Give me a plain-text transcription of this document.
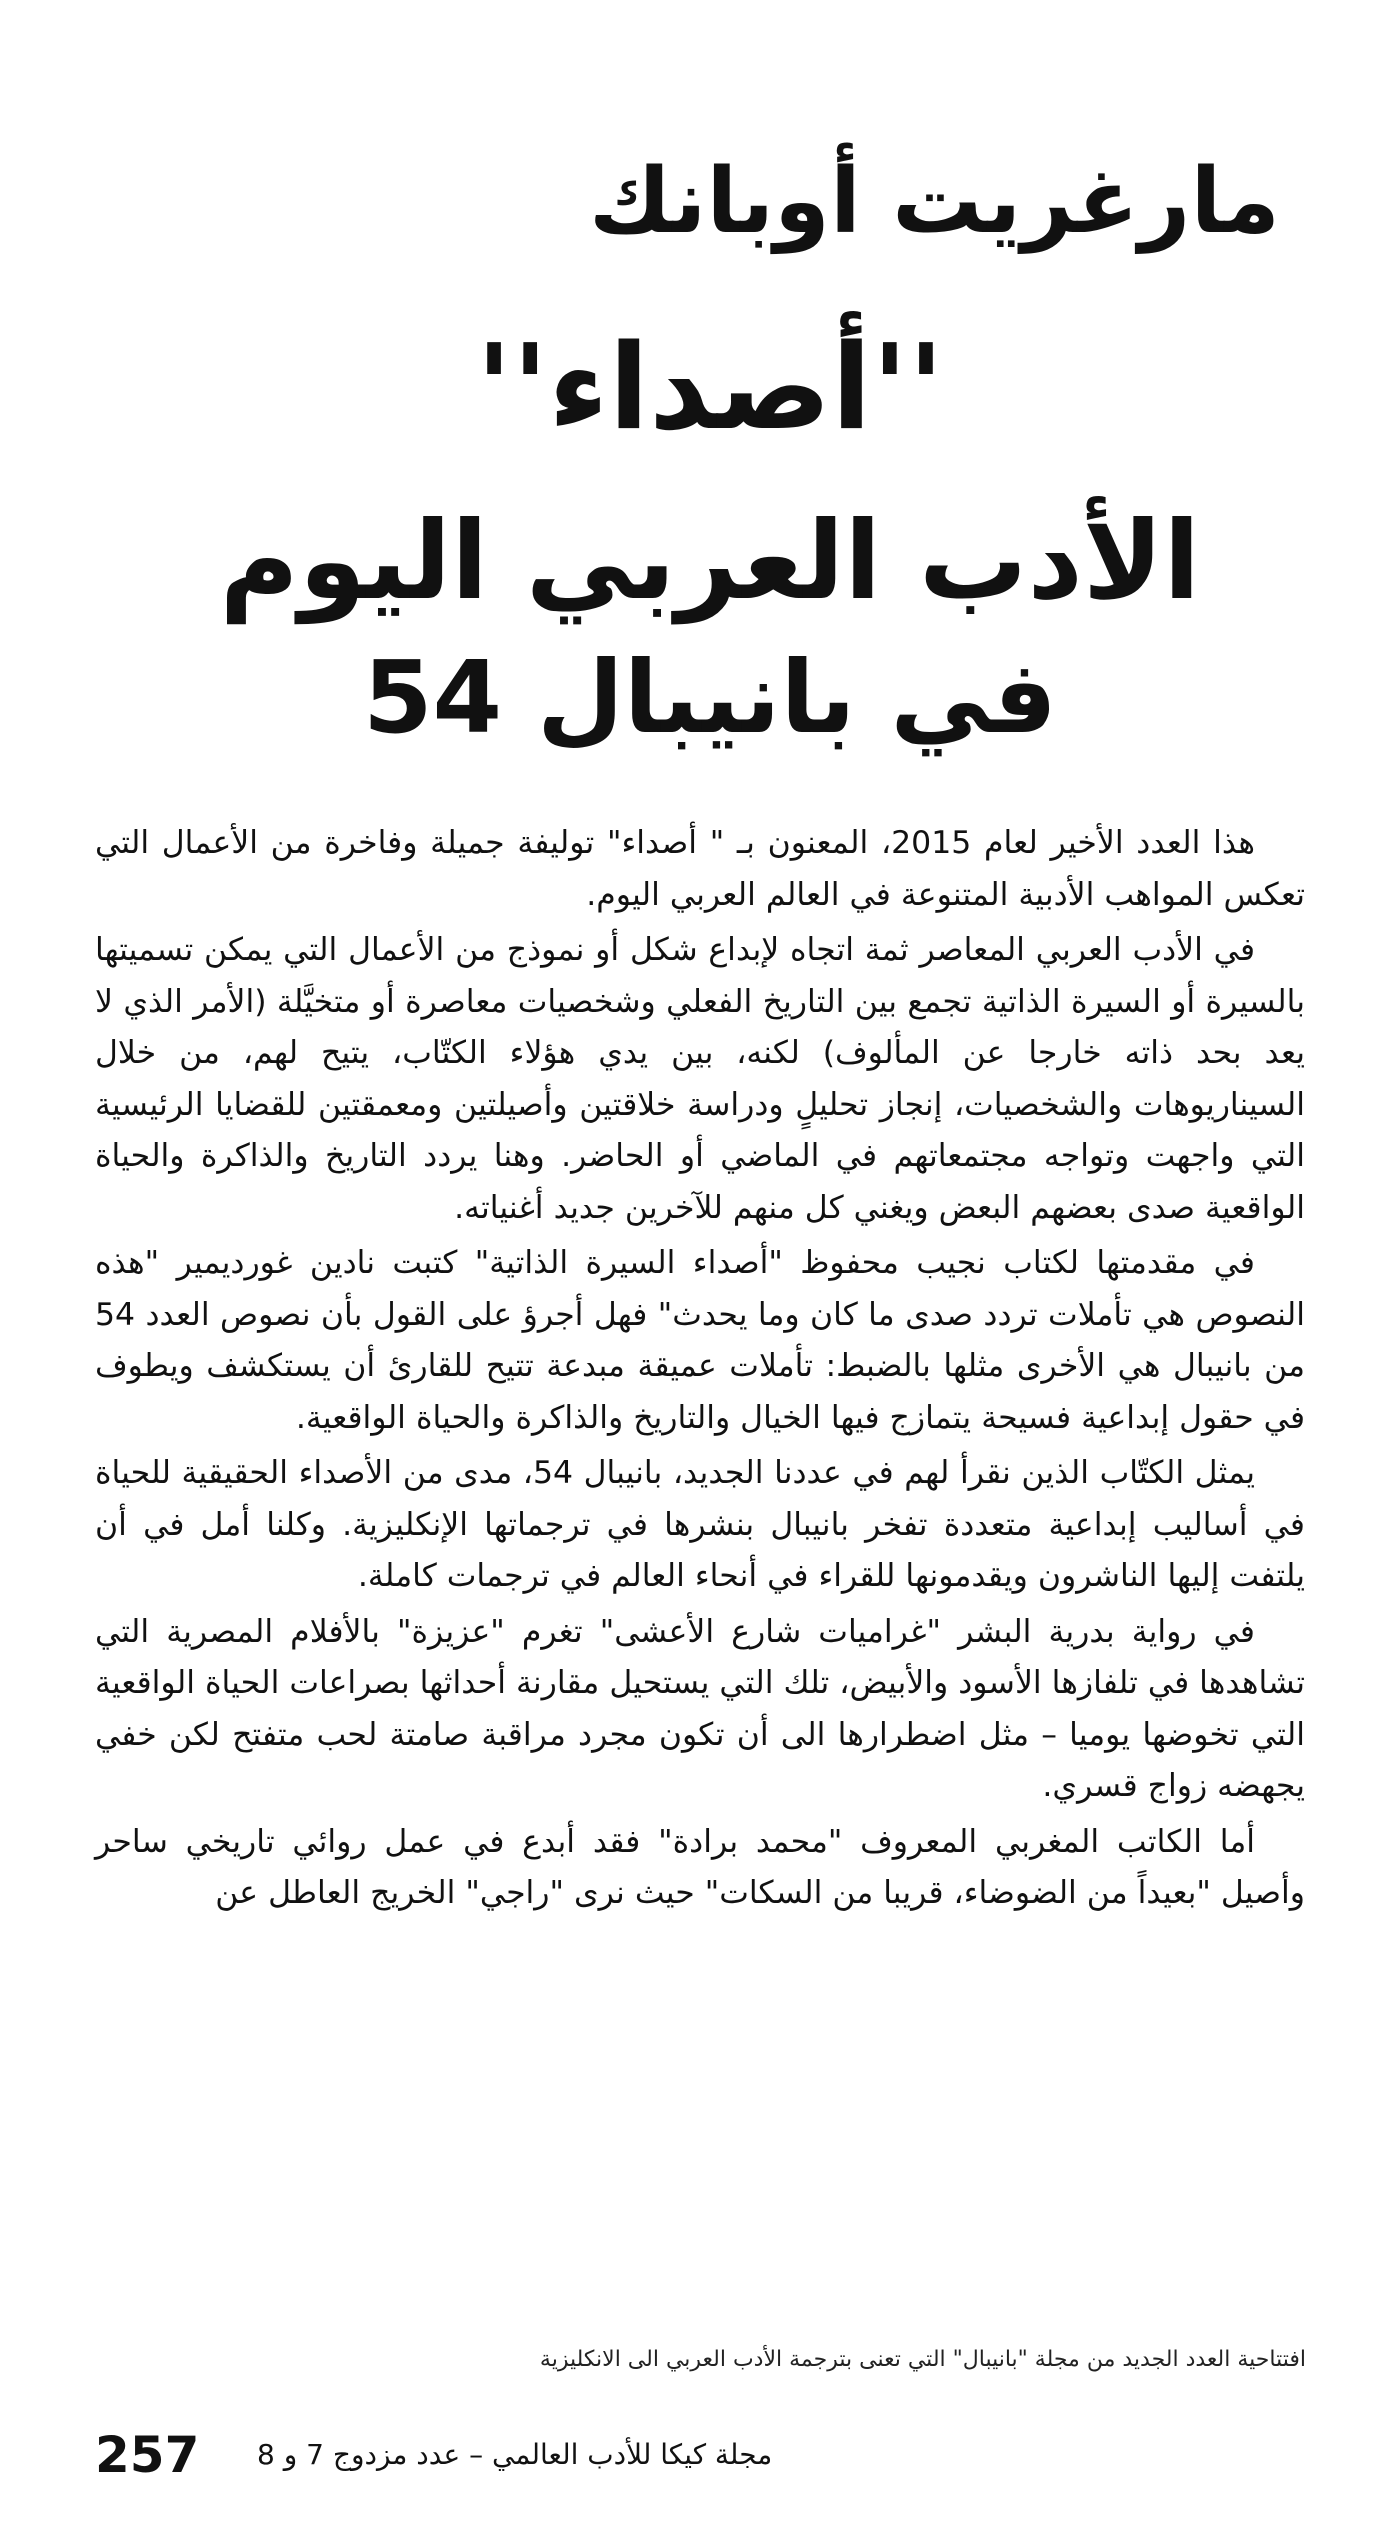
مارغريت أوبانك
''أصداء''
الأدب العربي اليوم
في بانيبال 54

هذا العدد الأخير لعام 2015، المعنون بـ " أصداء" توليفة جميلة وفاخرة من الأعمال التي تعكس المواهب الأدبية المتنوعة في العالم العربي اليوم.

في الأدب العربي المعاصر ثمة اتجاه لإبداع شكل أو نموذج من الأعمال التي يمكن تسميتها بالسيرة أو السيرة الذاتية تجمع بين التاريخ الفعلي وشخصيات معاصرة أو متخيَّلة (الأمر الذي لا يعد بحد ذاته خارجا عن المألوف) لكنه، بين يدي هؤلاء الكتّاب، يتيح لهم، من خلال السيناريوهات والشخصيات، إنجاز تحليلٍ ودراسة خلاقتين وأصيلتين ومعمقتين للقضايا الرئيسية التي واجهت وتواجه مجتمعاتهم في الماضي أو الحاضر. وهنا يردد التاريخ والذاكرة والحياة الواقعية صدى بعضهم البعض ويغني كل منهم للآخرين جديد أغنياته.

في مقدمتها لكتاب نجيب محفوظ "أصداء السيرة الذاتية" كتبت نادين غورديمير "هذه النصوص هي تأملات تردد صدى ما كان وما يحدث" فهل أجرؤ على القول بأن نصوص العدد 54 من بانيبال هي الأخرى مثلها بالضبط: تأملات عميقة مبدعة تتيح للقارئ أن يستكشف ويطوف في حقول إبداعية فسيحة يتمازج فيها الخيال والتاريخ والذاكرة والحياة الواقعية.

يمثل الكتّاب الذين نقرأ لهم في عددنا الجديد، بانيبال 54، مدى من الأصداء الحقيقية للحياة في أساليب إبداعية متعددة تفخر بانيبال بنشرها في ترجماتها الإنكليزية. وكلنا أمل في أن يلتفت إليها الناشرون ويقدمونها للقراء في أنحاء العالم في ترجمات كاملة.

في رواية بدرية البشر "غراميات شارع الأعشى" تغرم "عزيزة" بالأفلام المصرية التي تشاهدها في تلفازها الأسود والأبيض، تلك التي يستحيل مقارنة أحداثها بصراعات الحياة الواقعية التي تخوضها يوميا – مثل اضطرارها الى أن تكون مجرد مراقبة صامتة لحب متفتح لكن خفي يجهضه زواج قسري.

أما الكاتب المغربي المعروف "محمد برادة" فقد أبدع في عمل روائي تاريخي ساحر وأصيل "بعيداً من الضوضاء، قريبا من السكات" حيث نرى "راجي" الخريج العاطل عن

افتتاحية العدد الجديد من مجلة "بانيبال" التي تعنى بترجمة الأدب العربي الى الانكليزية
257 مجلة كيكا للأدب العالمي – عدد مزدوج 7 و 8
